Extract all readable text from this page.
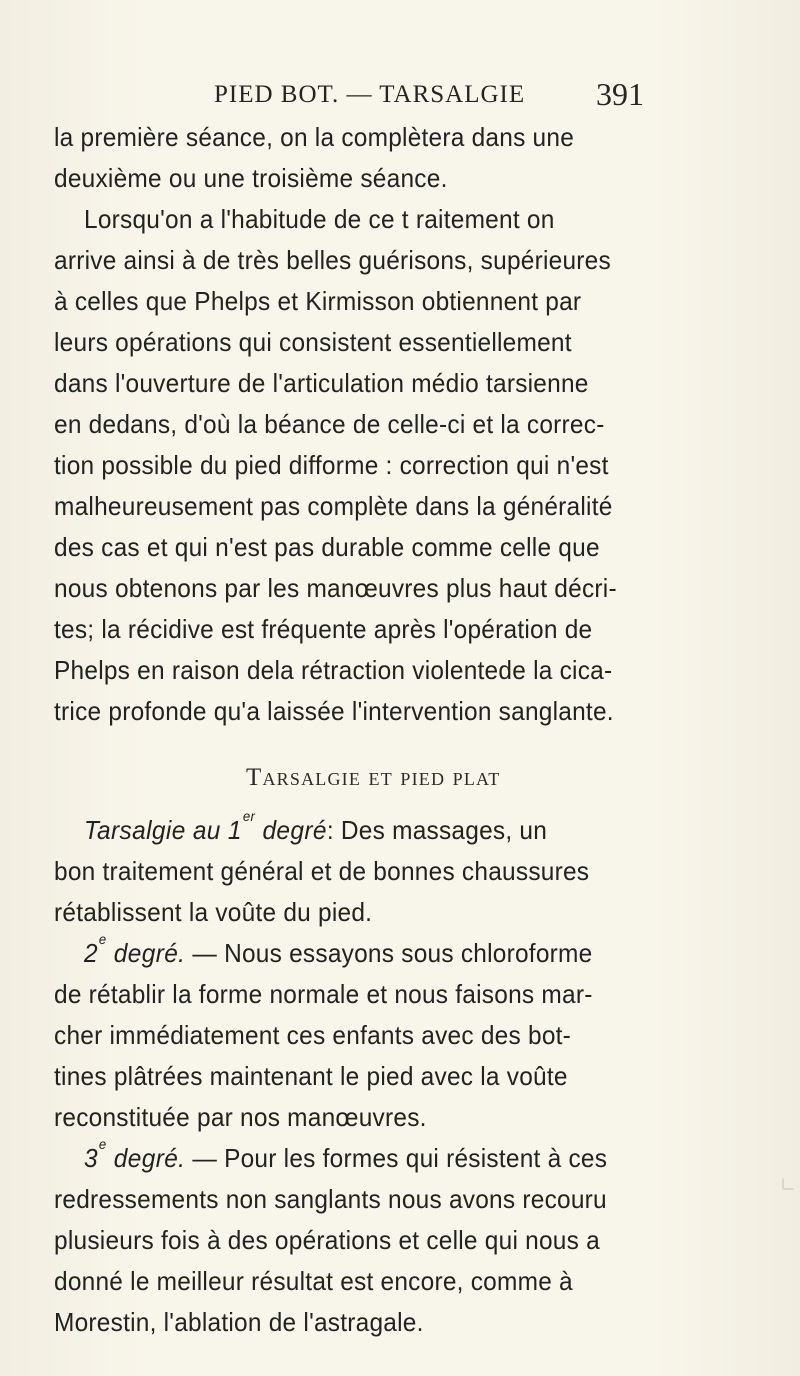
PIED BOT. — TARSALGIE 391
la première séance, on la complètera dans une
deuxième ou une troisième séance.
Lorsqu'on a l'habitude de ce t raitement on
arrive ainsi à de très belles guérisons, supérieures
à celles que Phelps et Kirmisson obtiennent par
leurs opérations qui consistent essentiellement
dans l'ouverture de l'articulation médio tarsienne
en dedans, d'où la béance de celle-ci et la correc-
tion possible du pied difforme : correction qui n'est
malheureusement pas complète dans la généralité
des cas et qui n'est pas durable comme celle que
nous obtenons par les manœuvres plus haut décri-
tes; la récidive est fréquente après l'opération de
Phelps en raison dela rétraction violentede la cica-
trice profonde qu'a laissée l'intervention sanglante.
Tarsalgie et pied plat
Tarsalgie au 1er degré: Des massages, un
bon traitement général et de bonnes chaussures
rétablissent la voûte du pied.
2e degré. — Nous essayons sous chloroforme
de rétablir la forme normale et nous faisons mar-
cher immédiatement ces enfants avec des bot-
tines plâtrées maintenant le pied avec la voûte
reconstituée par nos manœuvres.
3e degré. — Pour les formes qui résistent à ces
redressements non sanglants nous avons recouru
plusieurs fois à des opérations et celle qui nous a
donné le meilleur résultat est encore, comme à
Morestin, l'ablation de l'astragale.
